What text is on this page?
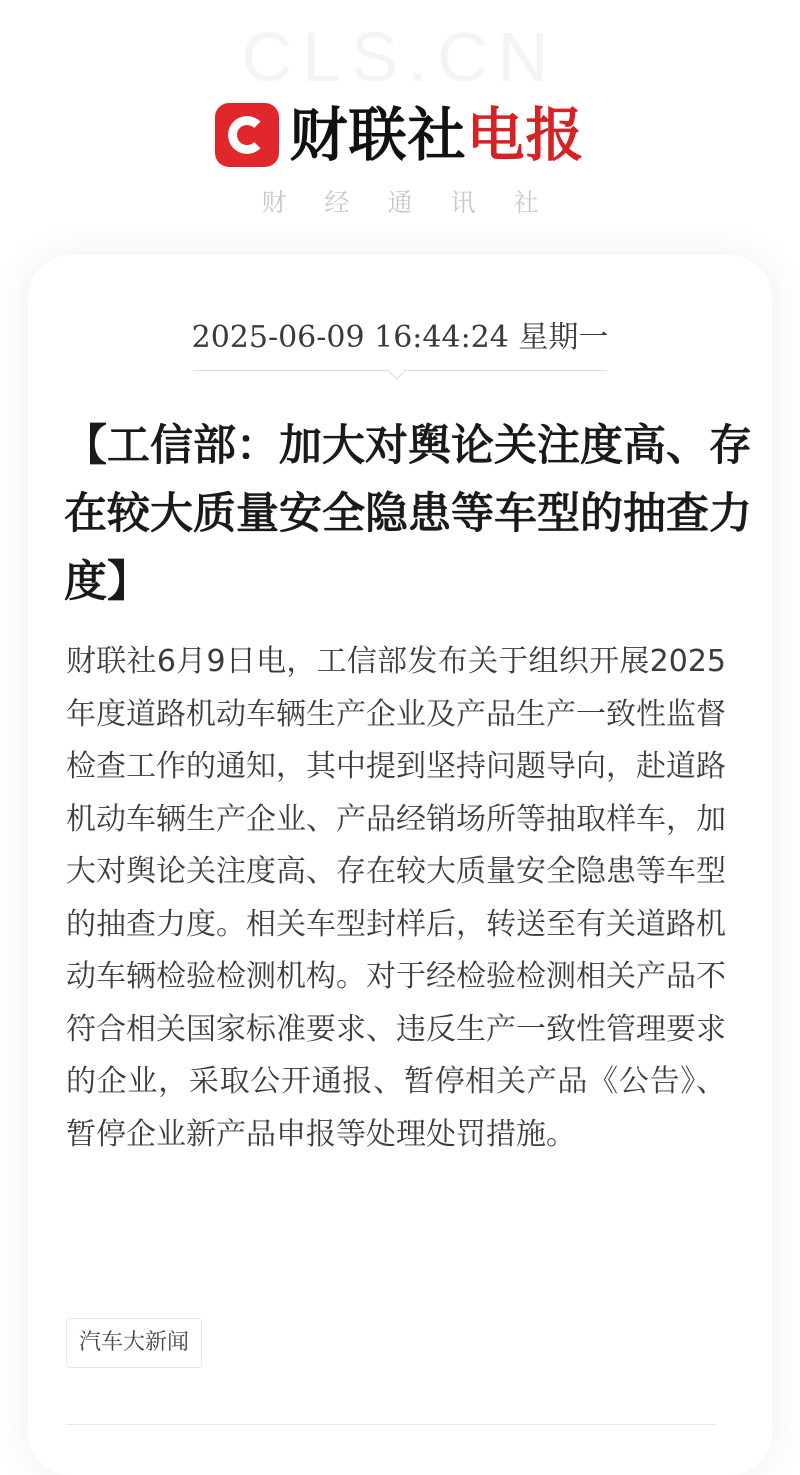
CLS.CN
财联社电报
财经通讯社
2025-06-09 16:44:24 星期一
【工信部：加大对舆论关注度高、存在较大质量安全隐患等车型的抽查力度】
财联社6月9日电，工信部发布关于组织开展2025年度道路机动车辆生产企业及产品生产一致性监督检查工作的通知，其中提到坚持问题导向，赴道路机动车辆生产企业、产品经销场所等抽取样车，加大对舆论关注度高、存在较大质量安全隐患等车型的抽查力度。相关车型封样后，转送至有关道路机动车辆检验检测机构。对于经检验检测相关产品不符合相关国家标准要求、违反生产一致性管理要求的企业，采取公开通报、暂停相关产品《公告》、暂停企业新产品申报等处理处罚措施。
汽车大新闻
